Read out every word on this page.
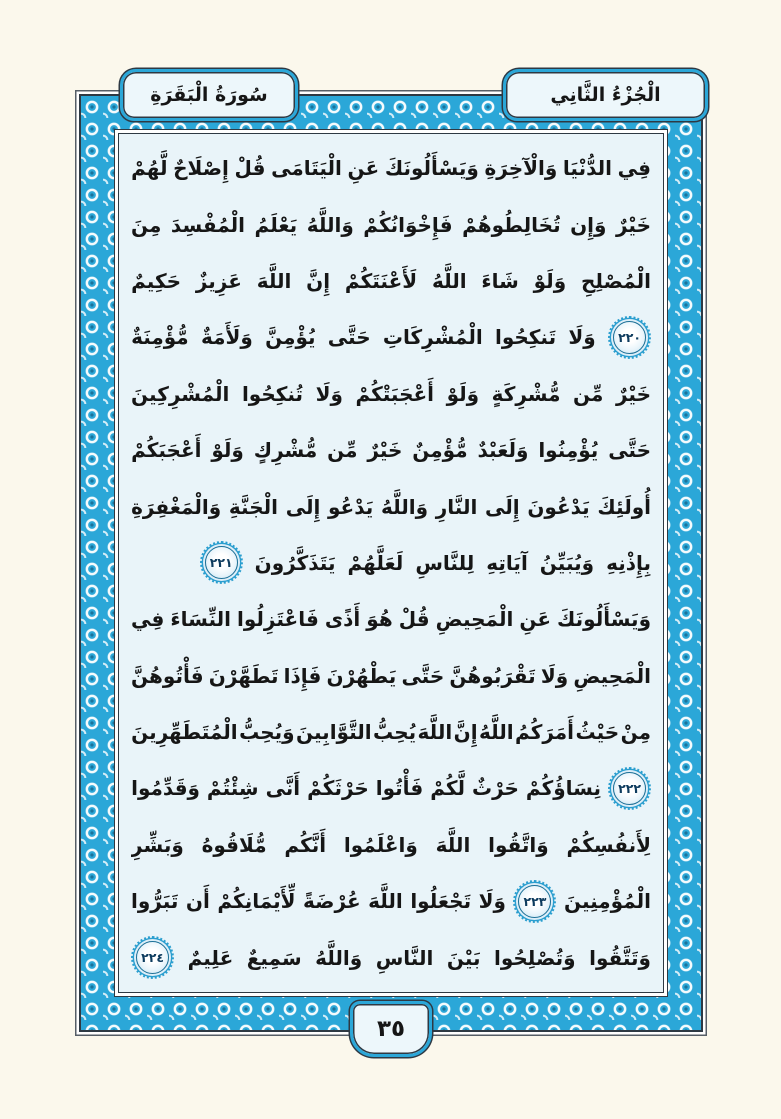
سُورَةُ الْبَقَرَةِ	الْجُزْءُ الثَّانِي
فِي
الدُّنْيَا
وَالْآخِرَةِ
وَيَسْأَلُونَكَ
عَنِ
الْيَتَامَى
قُلْ
إِصْلَاحٌ
لَّهُمْ
خَيْرٌ
وَإِن
تُخَالِطُوهُمْ
فَإِخْوَانُكُمْ
وَاللَّهُ
يَعْلَمُ
الْمُفْسِدَ
مِنَ
الْمُصْلِحِ
وَلَوْ
شَاءَ
اللَّهُ
لَأَعْنَتَكُمْ
إِنَّ
اللَّهَ
عَزِيزٌ
حَكِيمٌ
٢٢٠
وَلَا
تَنكِحُوا
الْمُشْرِكَاتِ
حَتَّى
يُؤْمِنَّ
وَلَأَمَةٌ
مُّؤْمِنَةٌ
خَيْرٌ
مِّن
مُّشْرِكَةٍ
وَلَوْ
أَعْجَبَتْكُمْ
وَلَا
تُنكِحُوا
الْمُشْرِكِينَ
حَتَّى
يُؤْمِنُوا
وَلَعَبْدٌ
مُّؤْمِنٌ
خَيْرٌ
مِّن
مُّشْرِكٍ
وَلَوْ
أَعْجَبَكُمْ
أُولَئِكَ
يَدْعُونَ
إِلَى
النَّارِ
وَاللَّهُ
يَدْعُو
إِلَى
الْجَنَّةِ
وَالْمَغْفِرَةِ
بِإِذْنِهِ
وَيُبَيِّنُ
آيَاتِهِ
لِلنَّاسِ
لَعَلَّهُمْ
يَتَذَكَّرُونَ
٢٢١
وَيَسْأَلُونَكَ
عَنِ
الْمَحِيضِ
قُلْ
هُوَ
أَذًى
فَاعْتَزِلُوا
النِّسَاءَ
فِي
الْمَحِيضِ
وَلَا
تَقْرَبُوهُنَّ
حَتَّى
يَطْهُرْنَ
فَإِذَا
تَطَهَّرْنَ
فَأْتُوهُنَّ
مِنْ
حَيْثُ
أَمَرَكُمُ
اللَّهُ
إِنَّ
اللَّهَ
يُحِبُّ
التَّوَّابِينَ
وَيُحِبُّ
الْمُتَطَهِّرِينَ
٢٢٢
نِسَاؤُكُمْ
حَرْثٌ
لَّكُمْ
فَأْتُوا
حَرْثَكُمْ
أَنَّى
شِئْتُمْ
وَقَدِّمُوا
لِأَنفُسِكُمْ
وَاتَّقُوا
اللَّهَ
وَاعْلَمُوا
أَنَّكُم
مُّلَاقُوهُ
وَبَشِّرِ
الْمُؤْمِنِينَ
٢٢٣
وَلَا
تَجْعَلُوا
اللَّهَ
عُرْضَةً
لِّأَيْمَانِكُمْ
أَن
تَبَرُّوا
وَتَتَّقُوا
وَتُصْلِحُوا
بَيْنَ
النَّاسِ
وَاللَّهُ
سَمِيعٌ
عَلِيمٌ
٢٢٤
٣٥
